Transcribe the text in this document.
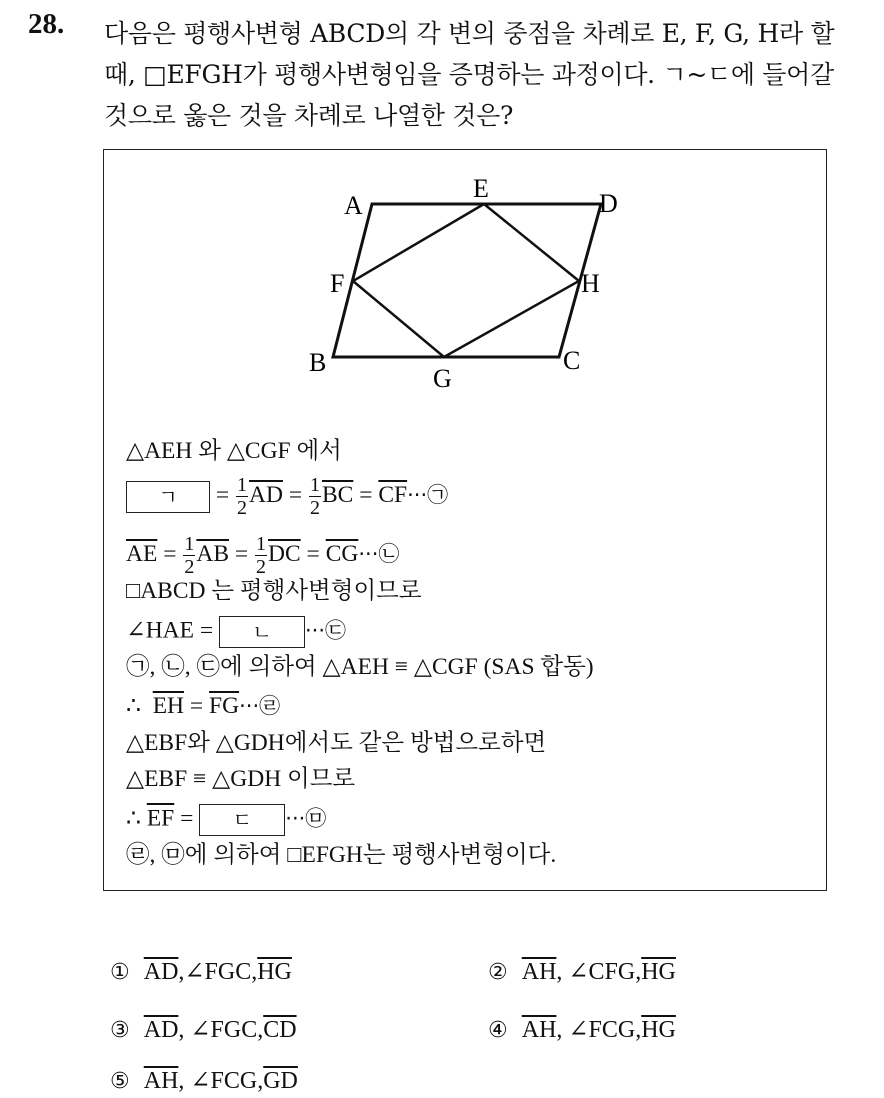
28. 다음은 평행사변형 ABCD의 각 변의 중점을 차례로 E, F, G, H라 할
때, □EFGH가 평행사변형임을 증명하는 과정이다. ㄱ~ㄷ에 들어갈
것으로 옳은 것을 차례로 나열한 것은?
A
E
D
F	H
B
G
C
△AEH 와 △CGF 에서
ㄱ = $\frac{1}{2} \overline{AD} = \frac{1}{2} \overline{BC}$ = $\overline{CF}\cdot\cdot\cdot㉠$
$\overline{AE} = \frac{1}{2} \overline{AB} = \frac{1}{2} \overline{DC}$ = $\overline{CG}\cdot\cdot\cdot㉡$
□ABCD 는 평행사변형이므로
∠HAE = ㄴ ···㉢
㉠, ㉡, ㉢에 의하여 △AEH ≡ △CGF (SAS 합동)
∴ $\overline{EH}$ = $\overline{FG}\cdot\cdot\cdot㉣$
△EBF와 △GDH에서도 같은 방법으로하면
△EBF ≡ △GDH 이므로
∴ $\overline{EF}$ = ㄷ ···㉤
㉣, ㉤에 의하여 □EFGH는 평행사변형이다.
① $\overline{AD},\angle FGC,\overline{HG}$	② $\overline{AH}$, $\angle CFG,\overline{HG}$
③ $\overline{AD}$, $\angle FGC,\overline{CD}$	④ $\overline{AH}$, $\angle FCG,\overline{HG}$
⑤ $\overline{AH}$, $\angle FCG,\overline{GD}$
